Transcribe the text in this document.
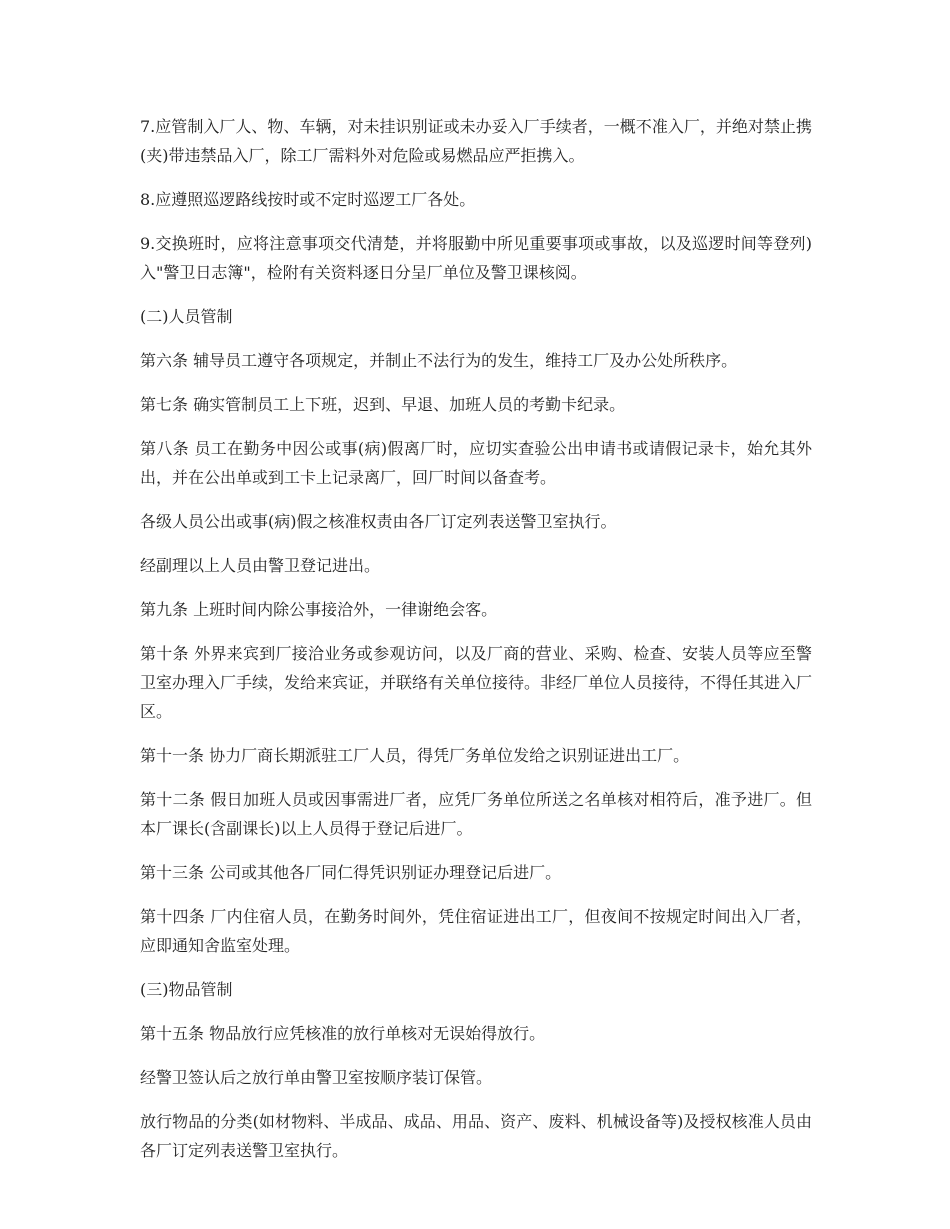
7.应管制入厂人、物、车辆，对未挂识别证或未办妥入厂手续者，一概不准入厂，并绝对禁止携(夹)带违禁品入厂，除工厂需料外对危险或易燃品应严拒携入。

8.应遵照巡逻路线按时或不定时巡逻工厂各处。

9.交换班时，应将注意事项交代清楚，并将服勤中所见重要事项或事故，以及巡逻时间等登列)入"警卫日志簿"，检附有关资料逐日分呈厂单位及警卫课核阅。

(二)人员管制

第六条 辅导员工遵守各项规定，并制止不法行为的发生，维持工厂及办公处所秩序。

第七条 确实管制员工上下班，迟到、早退、加班人员的考勤卡纪录。

第八条 员工在勤务中因公或事(病)假离厂时，应切实查验公出申请书或请假记录卡，始允其外出，并在公出单或到工卡上记录离厂，回厂时间以备查考。

各级人员公出或事(病)假之核准权责由各厂订定列表送警卫室执行。

经副理以上人员由警卫登记进出。

第九条 上班时间内除公事接洽外，一律谢绝会客。

第十条 外界来宾到厂接洽业务或参观访问，以及厂商的营业、采购、检查、安装人员等应至警卫室办理入厂手续，发给来宾证，并联络有关单位接待。非经厂单位人员接待，不得任其进入厂区。

第十一条 协力厂商长期派驻工厂人员，得凭厂务单位发给之识别证进出工厂。

第十二条 假日加班人员或因事需进厂者，应凭厂务单位所送之名单核对相符后，准予进厂。但本厂课长(含副课长)以上人员得于登记后进厂。

第十三条 公司或其他各厂同仁得凭识别证办理登记后进厂。

第十四条 厂内住宿人员，在勤务时间外，凭住宿证进出工厂，但夜间不按规定时间出入厂者，应即通知舍监室处理。

(三)物品管制

第十五条 物品放行应凭核准的放行单核对无误始得放行。

经警卫签认后之放行单由警卫室按顺序装订保管。

放行物品的分类(如材物料、半成品、成品、用品、资产、废料、机械设备等)及授权核准人员由各厂订定列表送警卫室执行。
